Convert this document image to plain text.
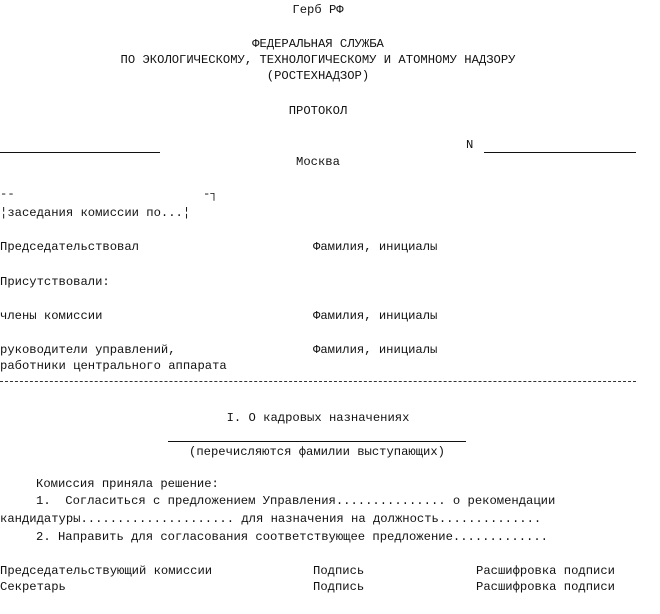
Герб РФ
ФЕДЕРАЛЬНАЯ СЛУЖБА
ПО ЭКОЛОГИЧЕСКОМУ, ТЕХНОЛОГИЧЕСКОМУ И АТОМНОМУ НАДЗОРУ
(РОСТЕХНАДЗОР)
ПРОТОКОЛ
N
Москва
--	-┐
¦заседания комиссии по...¦
Председательствовал	Фамилия, инициалы
Присутствовали:
члены комиссии	Фамилия, инициалы
руководители управлений,	Фамилия, инициалы
работники центрального аппарата
I. О кадровых назначениях
(перечисляются фамилии выступающих)
Комиссия приняла решение:
1.  Согласиться с предложением Управления............... о рекомендации
кандидатуры..................... для назначения на должность..............
2. Направить для согласования соответствующее предложение.............
Председательствующий комиссии	Подпись	Расшифровка подписи
Секретарь	Подпись	Расшифровка подписи
